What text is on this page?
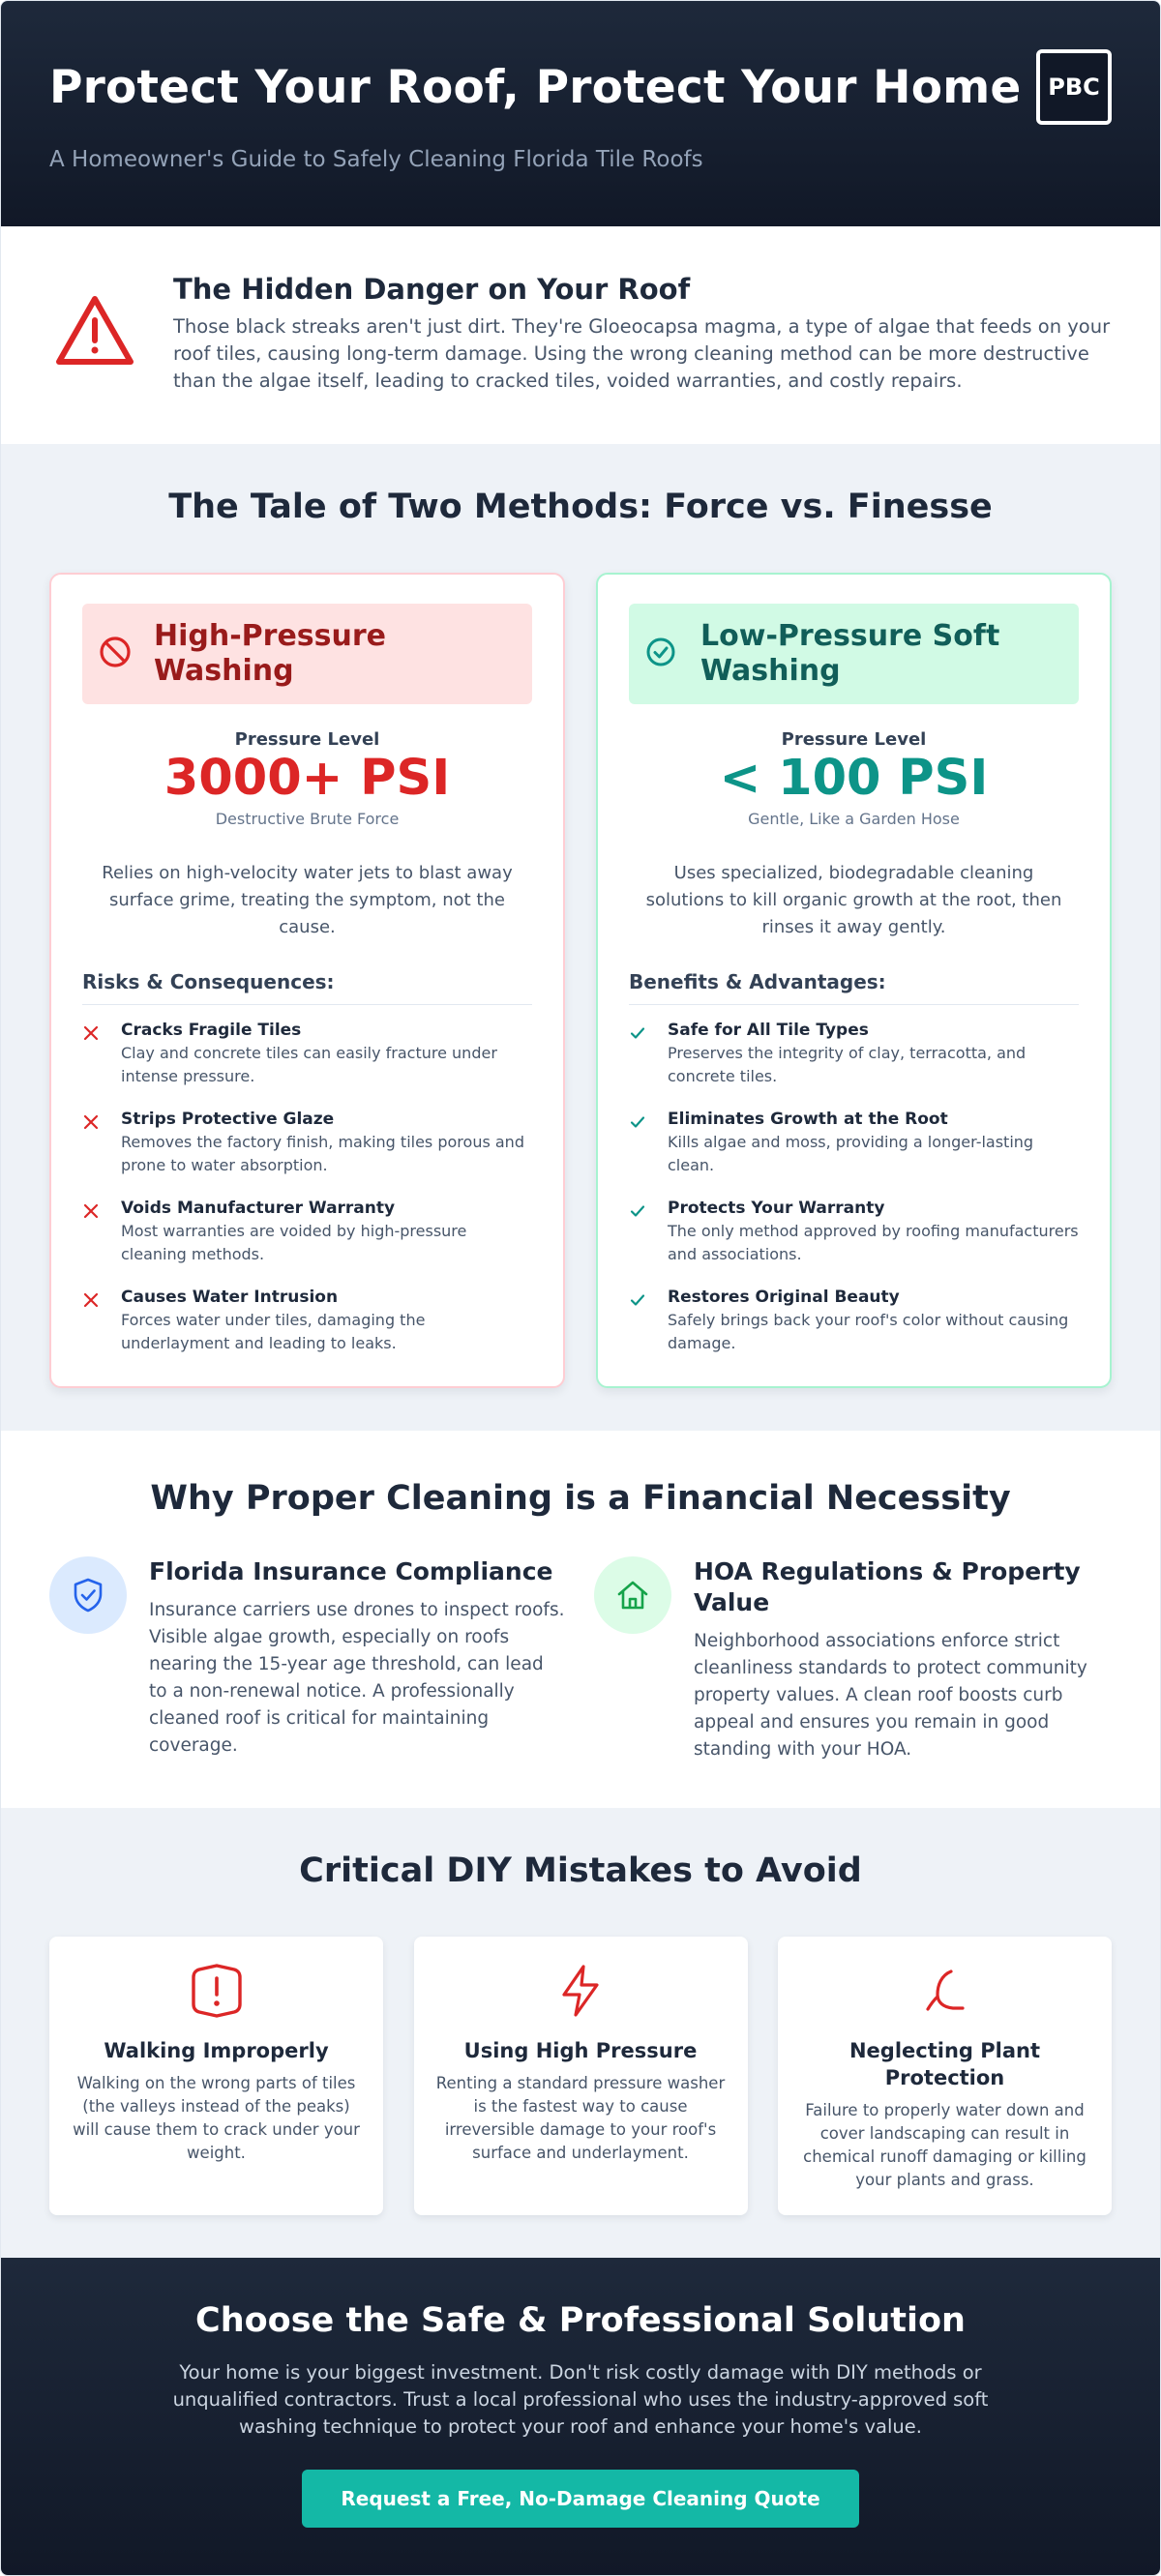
Protect Your Roof, Protect Your Home

A Homeowner's Guide to Safely Cleaning Florida Tile Roofs

PBC
The Hidden Danger on Your Roof

Those black streaks aren't just dirt. They're Gloeocapsa magma, a type of algae that feeds on your roof tiles, causing long-term damage. Using the wrong cleaning method can be more destructive than the algae itself, leading to cracked tiles, voided warranties, and costly repairs.

The Tale of Two Methods: Force vs. Finesse
High-Pressure Washing
Pressure Level
3000+ PSI
Destructive Brute Force

Relies on high-velocity water jets to blast away surface grime, treating the symptom, not the cause.

Risks & Consequences:
Cracks Fragile Tiles
Clay and concrete tiles can easily fracture under intense pressure.
Strips Protective Glaze
Removes the factory finish, making tiles porous and prone to water absorption.
Voids Manufacturer Warranty
Most warranties are voided by high-pressure cleaning methods.
Causes Water Intrusion
Forces water under tiles, damaging the underlayment and leading to leaks.
Low-Pressure Soft Washing
Pressure Level
< 100 PSI
Gentle, Like a Garden Hose

Uses specialized, biodegradable cleaning solutions to kill organic growth at the root, then rinses it away gently.

Benefits & Advantages:
Safe for All Tile Types
Preserves the integrity of clay, terracotta, and concrete tiles.
Eliminates Growth at the Root
Kills algae and moss, providing a longer-lasting clean.
Protects Your Warranty
The only method approved by roofing manufacturers and associations.
Restores Original Beauty
Safely brings back your roof's color without causing damage.
Why Proper Cleaning is a Financial Necessity
Florida Insurance Compliance

Insurance carriers use drones to inspect roofs. Visible algae growth, especially on roofs nearing the 15-year age threshold, can lead to a non-renewal notice. A professionally cleaned roof is critical for maintaining coverage.

HOA Regulations & Property Value

Neighborhood associations enforce strict cleanliness standards to protect community property values. A clean roof boosts curb appeal and ensures you remain in good standing with your HOA.

Critical DIY Mistakes to Avoid
Walking Improperly

Walking on the wrong parts of tiles (the valleys instead of the peaks) will cause them to crack under your weight.

Using High Pressure

Renting a standard pressure washer is the fastest way to cause irreversible damage to your roof's surface and underlayment.

Neglecting Plant Protection

Failure to properly water down and cover landscaping can result in chemical runoff damaging or killing your plants and grass.

Choose the Safe & Professional Solution

Your home is your biggest investment. Don't risk costly damage with DIY methods or unqualified contractors. Trust a local professional who uses the industry-approved soft washing technique to protect your roof and enhance your home's value.

Request a Free, No-Damage Cleaning Quote
